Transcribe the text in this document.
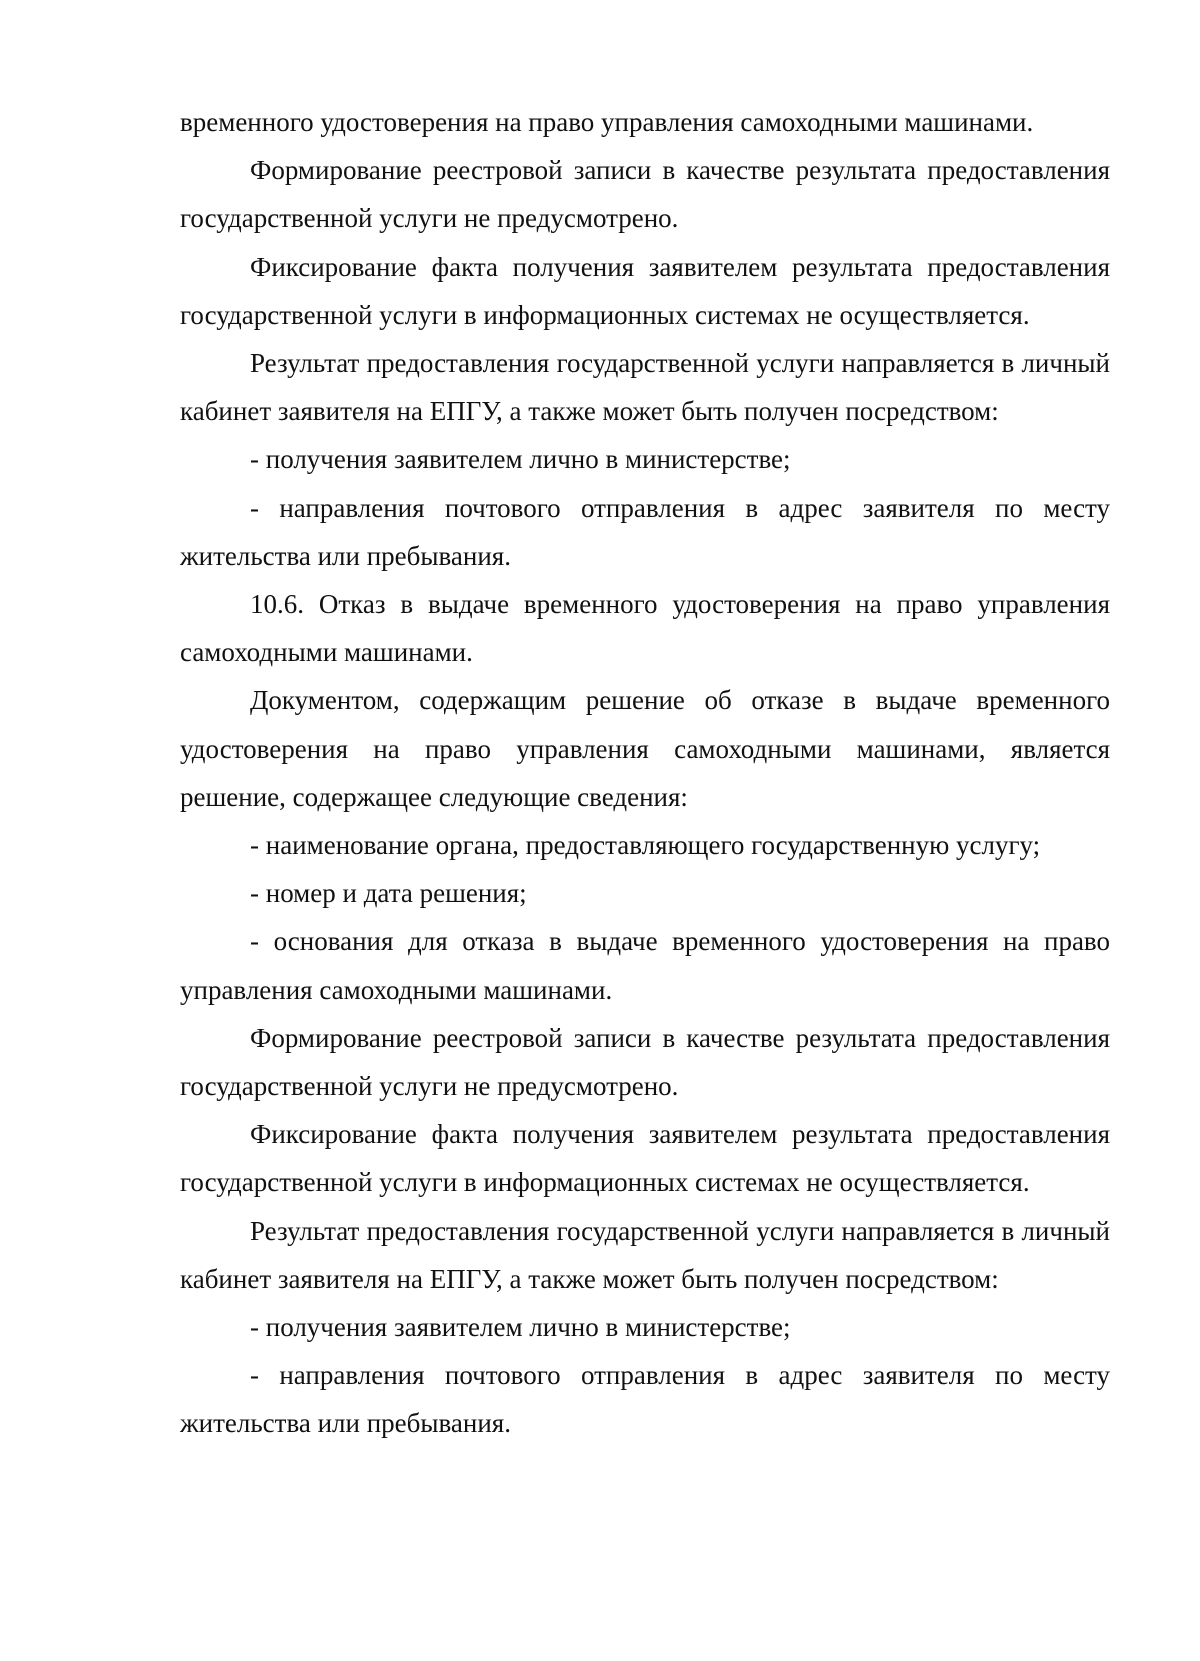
временного удостоверения на право управления самоходными машинами.

Формирование реестровой записи в качестве результата предоставления государственной услуги не предусмотрено.

Фиксирование факта получения заявителем результата предоставления государственной услуги в информационных системах не осуществляется.

Результат предоставления государственной услуги направляется в личный кабинет заявителя на ЕПГУ, а также может быть получен посредством:

- получения заявителем лично в министерстве;

- направления почтового отправления в адрес заявителя по месту жительства или пребывания.

10.6. Отказ в выдаче временного удостоверения на право управления самоходными машинами.

Документом, содержащим решение об отказе в выдаче временного удостоверения на право управления самоходными машинами, является решение, содержащее следующие сведения:

- наименование органа, предоставляющего государственную услугу;

- номер и дата решения;

- основания для отказа в выдаче временного удостоверения на право управления самоходными машинами.

Формирование реестровой записи в качестве результата предоставления государственной услуги не предусмотрено.

Фиксирование факта получения заявителем результата предоставления государственной услуги в информационных системах не осуществляется.

Результат предоставления государственной услуги направляется в личный кабинет заявителя на ЕПГУ, а также может быть получен посредством:

- получения заявителем лично в министерстве;

- направления почтового отправления в адрес заявителя по месту жительства или пребывания.
